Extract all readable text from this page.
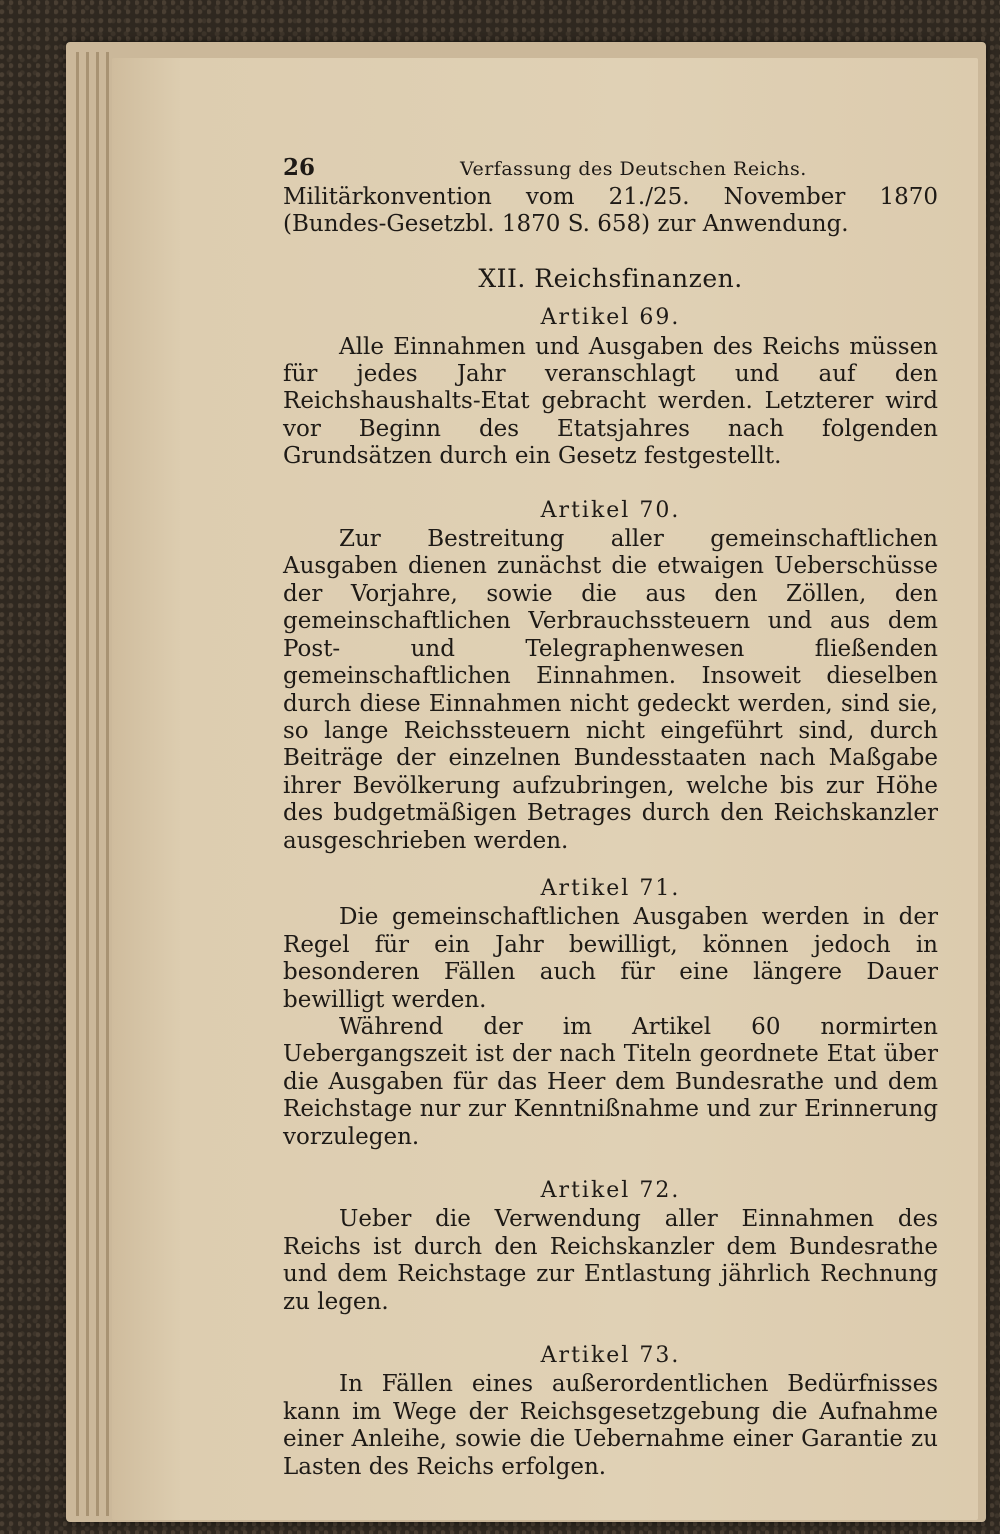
26	Verfassung des Deutschen Reichs.

Militärkonvention vom 21./25. November 1870 (Bundes-Gesetzbl. 1870 S. 658) zur Anwendung.

XII. Reichsfinanzen.
Artikel 69.

Alle Einnahmen und Ausgaben des Reichs müssen für jedes Jahr veranschlagt und auf den Reichshaushalts-Etat gebracht werden. Letzterer wird vor Beginn des Etatsjahres nach folgenden Grundsätzen durch ein Gesetz festgestellt.

Artikel 70.

Zur Bestreitung aller gemeinschaftlichen Ausgaben dienen zunächst die etwaigen Ueberschüsse der Vorjahre, sowie die aus den Zöllen, den gemeinschaftlichen Verbrauchssteuern und aus dem Post- und Telegraphenwesen fließenden gemeinschaftlichen Einnahmen. Insoweit dieselben durch diese Einnahmen nicht gedeckt werden, sind sie, so lange Reichssteuern nicht eingeführt sind, durch Beiträge der einzelnen Bundesstaaten nach Maßgabe ihrer Bevölkerung aufzubringen, welche bis zur Höhe des budgetmäßigen Betrages durch den Reichskanzler ausgeschrieben werden.

Artikel 71.

Die gemeinschaftlichen Ausgaben werden in der Regel für ein Jahr bewilligt, können jedoch in besonderen Fällen auch für eine längere Dauer bewilligt werden.

Während der im Artikel 60 normirten Uebergangszeit ist der nach Titeln geordnete Etat über die Ausgaben für das Heer dem Bundesrathe und dem Reichstage nur zur Kenntnißnahme und zur Erinnerung vorzulegen.

Artikel 72.

Ueber die Verwendung aller Einnahmen des Reichs ist durch den Reichskanzler dem Bundesrathe und dem Reichstage zur Entlastung jährlich Rechnung zu legen.

Artikel 73.

In Fällen eines außerordentlichen Bedürfnisses kann im Wege der Reichsgesetzgebung die Aufnahme einer Anleihe, sowie die Uebernahme einer Garantie zu Lasten des Reichs erfolgen.
